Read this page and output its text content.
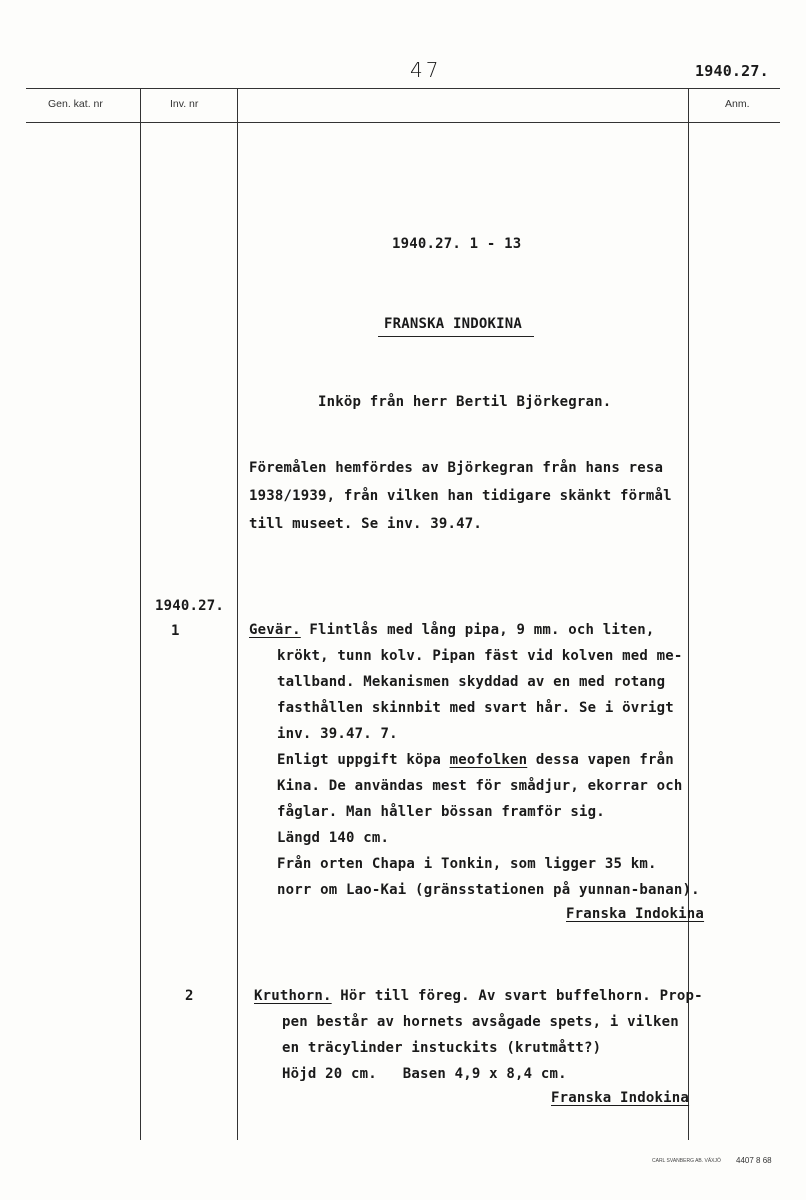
47	1940.27.
Gen. kat. nr	Inv. nr	Anm.
1940.27. 1 - 13
FRANSKA INDOKINA
Inköp från herr Bertil Björkegran.
Föremålen hemfördes av Björkegran från hans resa
1938/1939, från vilken han tidigare skänkt förmål
till museet. Se inv. 39.47.
1940.27.
1	Gevär. Flintlås med lång pipa, 9 mm. och liten,
krökt, tunn kolv. Pipan fäst vid kolven med me-
tallband. Mekanismen skyddad av en med rotang
fasthållen skinnbit med svart hår. Se i övrigt
inv. 39.47. 7.
Enligt uppgift köpa meofolken dessa vapen från
Kina. De användas mest för smådjur, ekorrar och
fåglar. Man håller bössan framför sig.
Längd 140 cm.
Från orten Chapa i Tonkin, som ligger 35 km.
norr om Lao-Kai (gränsstationen på yunnan-banan).
Franska Indokina
2	Kruthorn. Hör till föreg. Av svart buffelhorn. Prop-
pen består av hornets avsågade spets, i vilken
en träcylinder instuckits (krutmått?)
Höjd 20 cm.   Basen 4,9 x 8,4 cm.
Franska Indokina
CARL SVANBERG AB. VÄXJÖ 4407 8 68
